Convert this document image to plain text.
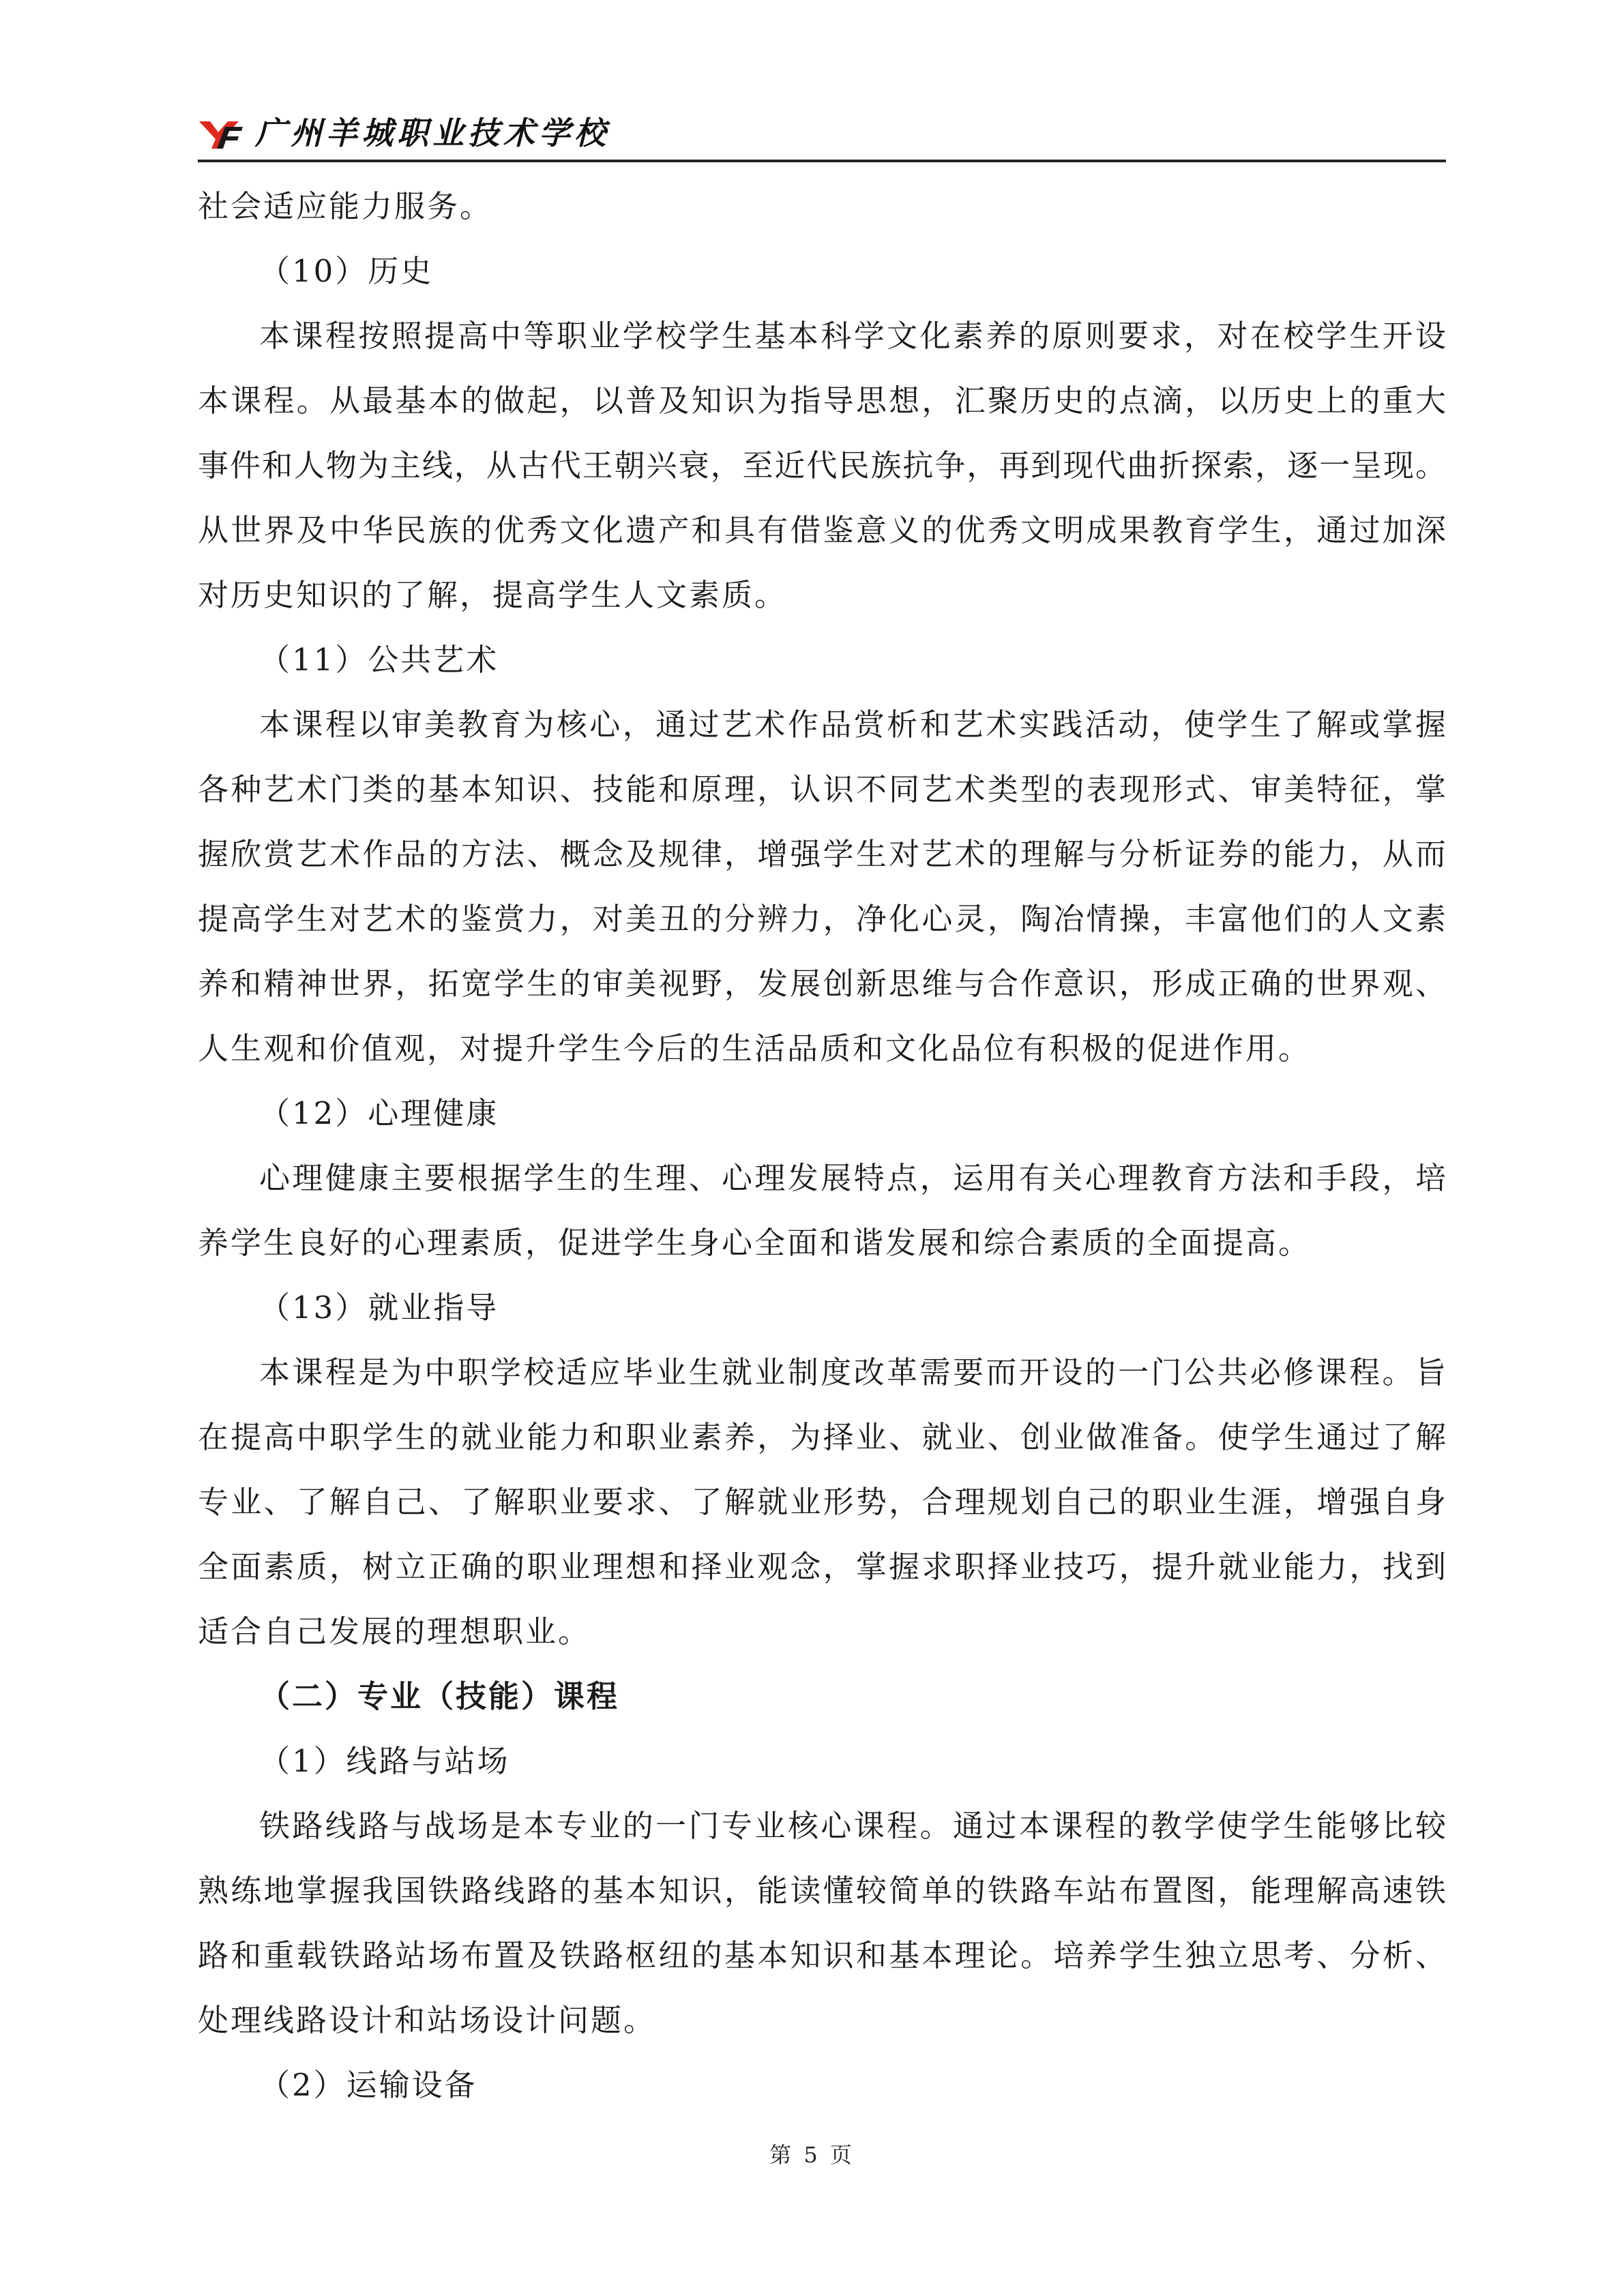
广州羊城职业技术学校
社会适应能力服务。
（10）历史
本课程按照提高中等职业学校学生基本科学文化素养的原则要求，对在校学生开设
本课程。从最基本的做起，以普及知识为指导思想，汇聚历史的点滴，以历史上的重大
事件和人物为主线，从古代王朝兴衰，至近代民族抗争，再到现代曲折探索，逐一呈现。
从世界及中华民族的优秀文化遗产和具有借鉴意义的优秀文明成果教育学生，通过加深
对历史知识的了解，提高学生人文素质。
（11）公共艺术
本课程以审美教育为核心，通过艺术作品赏析和艺术实践活动，使学生了解或掌握
各种艺术门类的基本知识、技能和原理，认识不同艺术类型的表现形式、审美特征，掌
握欣赏艺术作品的方法、概念及规律，增强学生对艺术的理解与分析证券的能力，从而
提高学生对艺术的鉴赏力，对美丑的分辨力，净化心灵，陶冶情操，丰富他们的人文素
养和精神世界，拓宽学生的审美视野，发展创新思维与合作意识，形成正确的世界观、
人生观和价值观，对提升学生今后的生活品质和文化品位有积极的促进作用。
（12）心理健康
心理健康主要根据学生的生理、心理发展特点，运用有关心理教育方法和手段，培
养学生良好的心理素质，促进学生身心全面和谐发展和综合素质的全面提高。
（13）就业指导
本课程是为中职学校适应毕业生就业制度改革需要而开设的一门公共必修课程。旨
在提高中职学生的就业能力和职业素养，为择业、就业、创业做准备。使学生通过了解
专业、了解自己、了解职业要求、了解就业形势，合理规划自己的职业生涯，增强自身
全面素质，树立正确的职业理想和择业观念，掌握求职择业技巧，提升就业能力，找到
适合自己发展的理想职业。
（二）专业（技能）课程
（1）线路与站场
铁路线路与战场是本专业的一门专业核心课程。通过本课程的教学使学生能够比较
熟练地掌握我国铁路线路的基本知识，能读懂较简单的铁路车站布置图，能理解高速铁
路和重载铁路站场布置及铁路枢纽的基本知识和基本理论。培养学生独立思考、分析、
处理线路设计和站场设计问题。
（2）运输设备
第 5 页
